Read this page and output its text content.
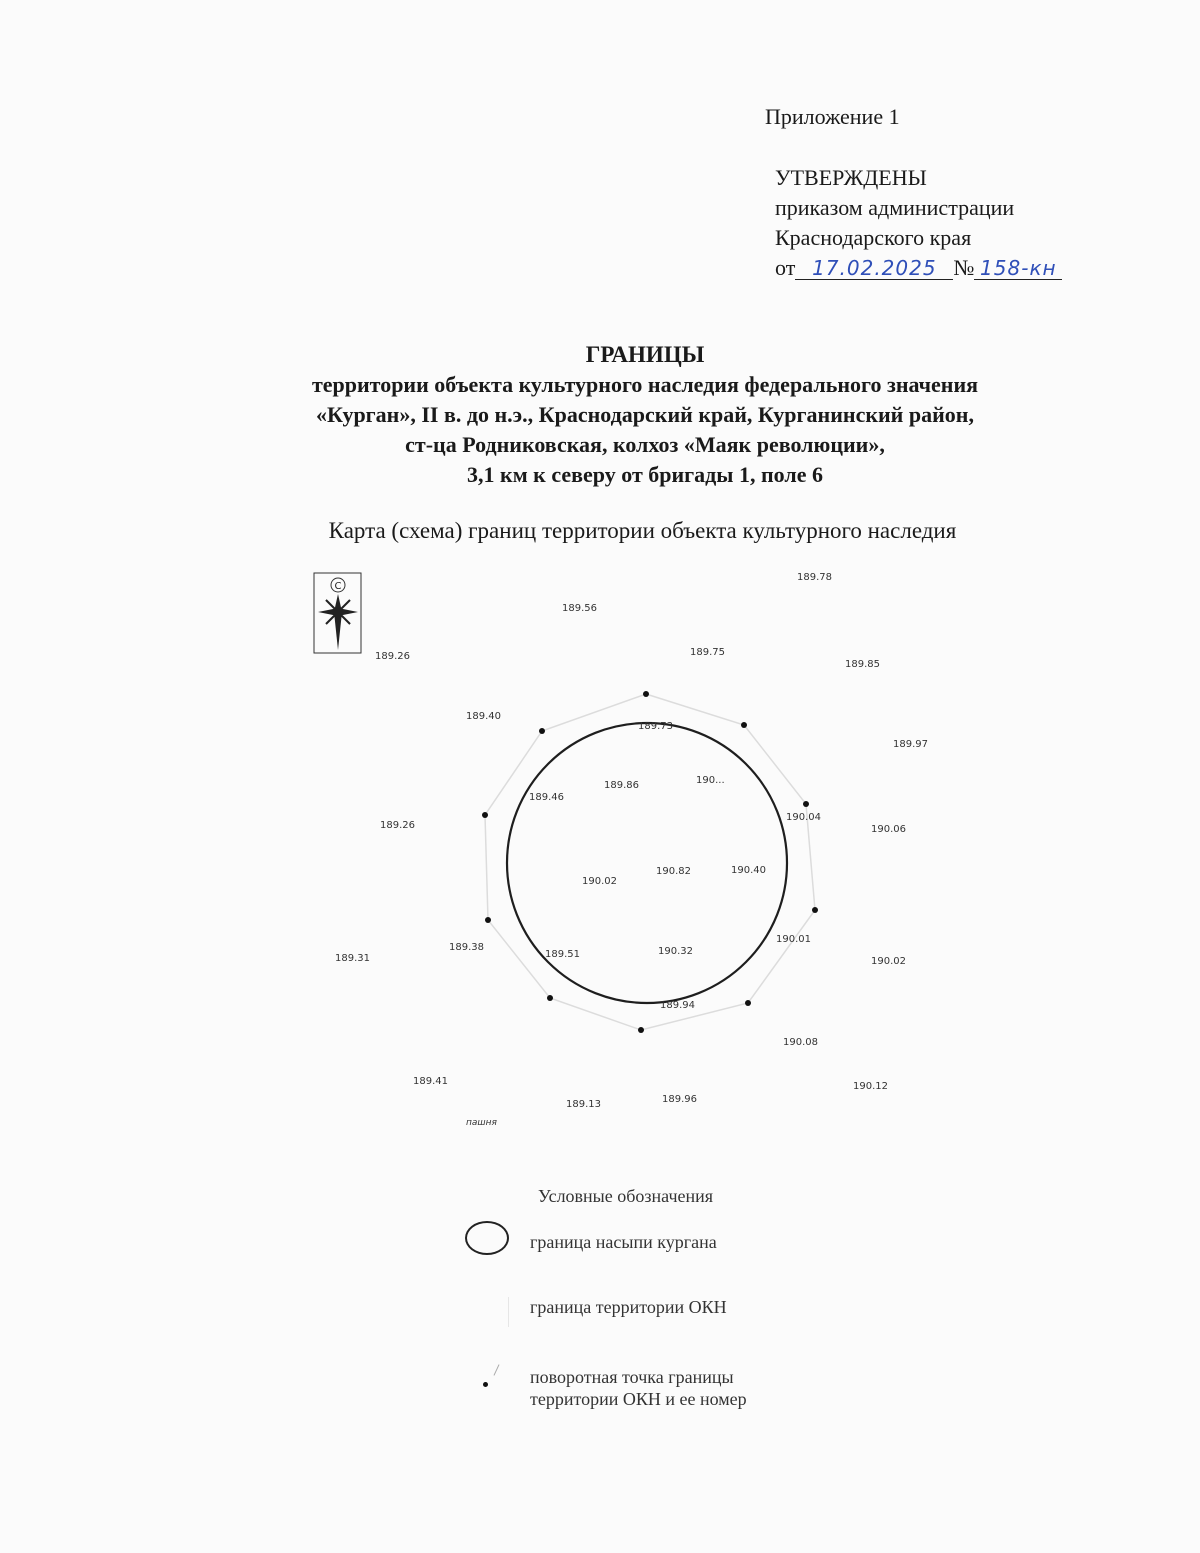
Приложение 1
УТВЕРЖДЕНЫ
приказом администрации
Краснодарского края
от 17.02.2025 № 158-кн
ГРАНИЦЫ
территории объекта культурного наследия федерального значения
«Курган», II в. до н.э., Краснодарский край, Курганинский район,
ст-ца Родниковская, колхоз «Маяк революции»,
3,1 км к северу от бригады 1, поле 6
Карта (схема) границ территории объекта культурного наследия
С
189.78
189.56
189.75
189.85
189.26
189.40
189.97
189.73
189.86	190...
189.46
190.04
190.06
189.26
190.02
190.82	190.40
190.01
189.31
189.38
189.51	190.32
190.02
189.94
190.08
189.41	190.12
189.13	189.96
пашня
Условные обозначения
граница насыпи кургана
граница территории ОКН
поворотная точка границы
территории ОКН и ее номер
